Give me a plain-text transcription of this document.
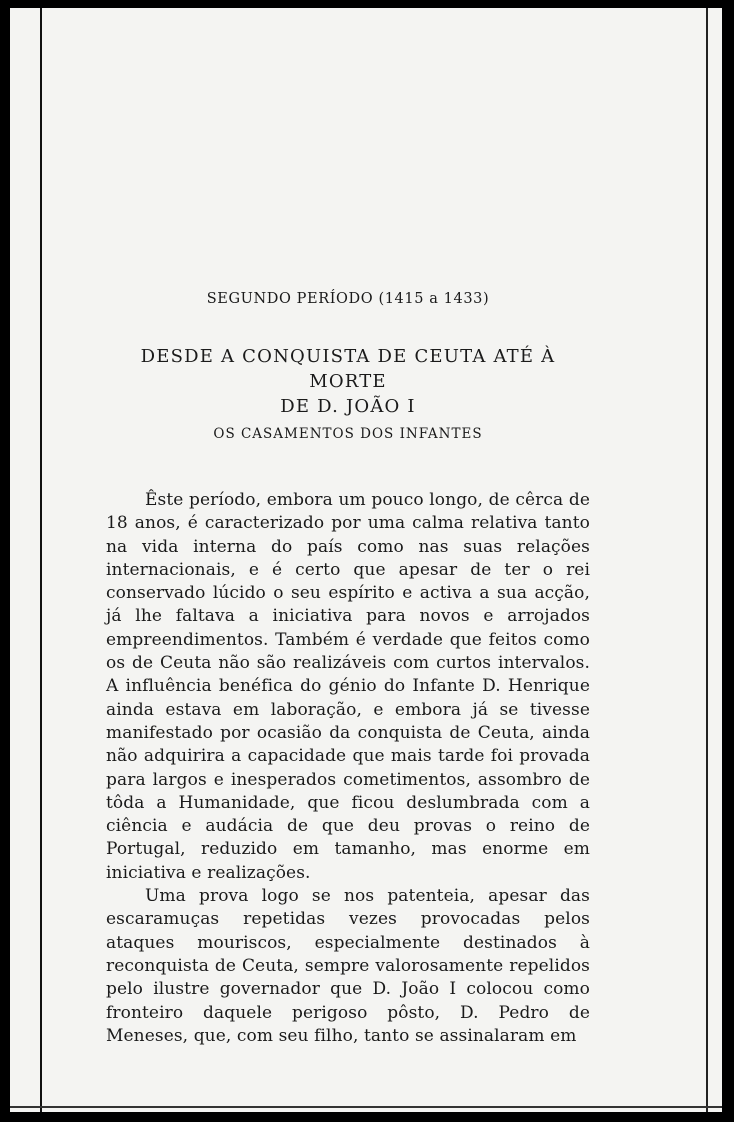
SEGUNDO PERÍODO (1415 a 1433)
DESDE A CONQUISTA DE CEUTA ATÉ À MORTE
DE D. JOÃO I
OS CASAMENTOS DOS INFANTES

Êste período, embora um pouco longo, de cêrca de 18 anos, é caracterizado por uma calma relativa tanto na vida interna do país como nas suas relações internacionais, e é certo que apesar de ter o rei conservado lúcido o seu espírito e activa a sua acção, já lhe faltava a iniciativa para novos e arrojados empreendimentos. Também é verdade que feitos como os de Ceuta não são realizáveis com curtos intervalos. A influência benéfica do génio do Infante D. Henrique ainda estava em laboração, e embora já se tivesse manifestado por ocasião da conquista de Ceuta, ainda não adquirira a capacidade que mais tarde foi provada para largos e inesperados cometimentos, assombro de tôda a Humanidade, que ficou deslumbrada com a ciência e audácia de que deu provas o reino de Portugal, reduzido em tamanho, mas enorme em iniciativa e realizações.

Uma prova logo se nos patenteia, apesar das escaramuças repetidas vezes provocadas pelos ataques mouriscos, especialmente destinados à reconquista de Ceuta, sempre valorosamente repelidos pelo ilustre governador que D. João I colocou como fronteiro daquele perigoso pôsto, D. Pedro de Meneses, que, com seu filho, tanto se assinalaram em
